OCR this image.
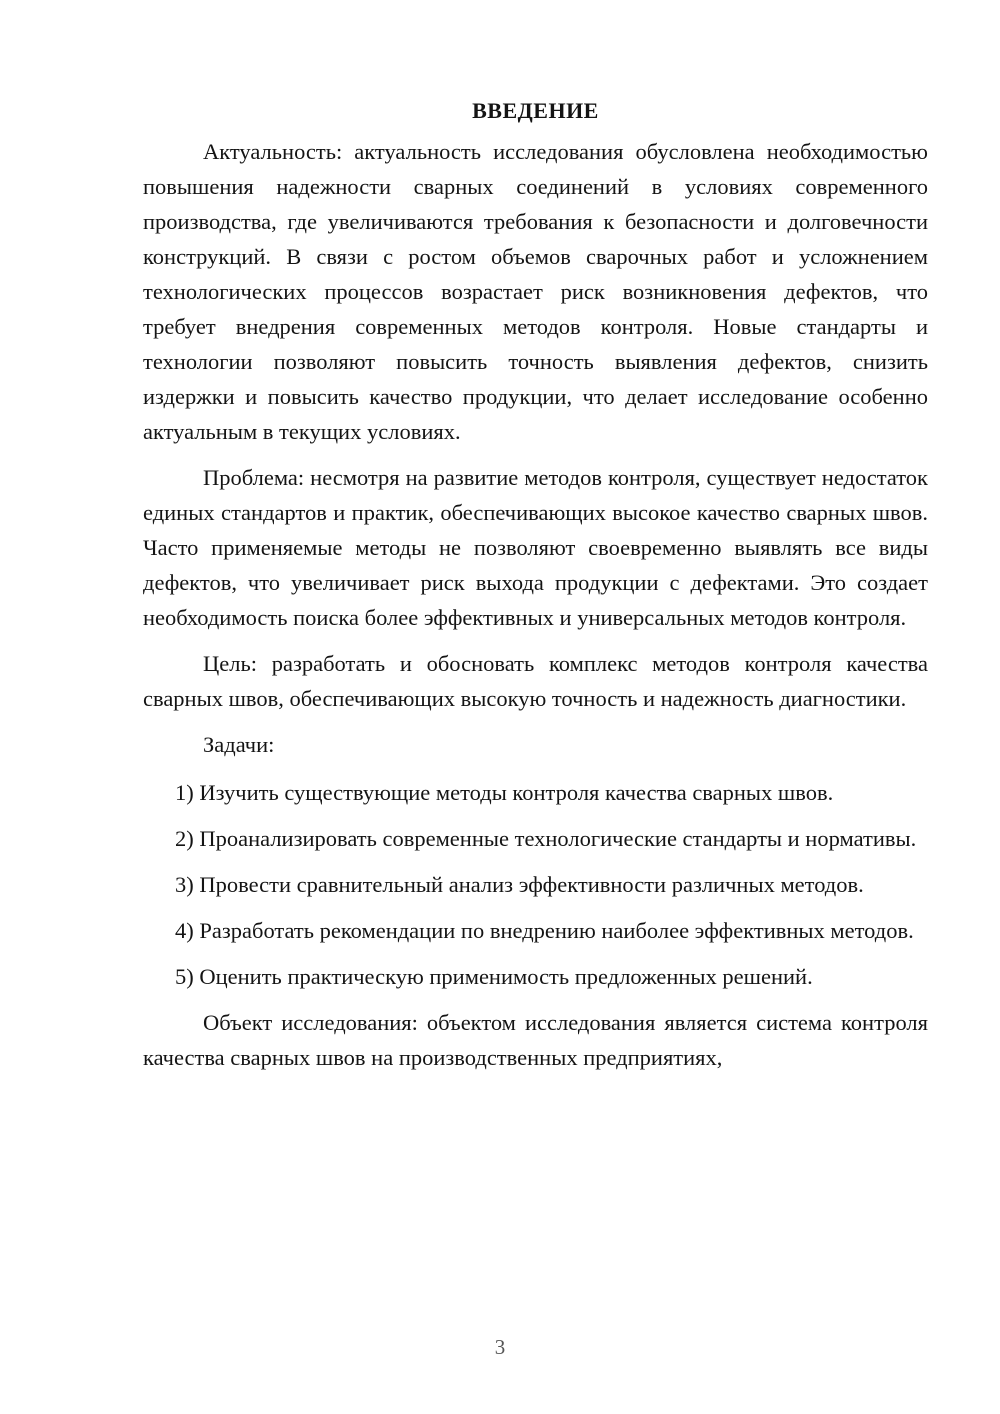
ВВЕДЕНИЕ

Актуальность: актуальность исследования обусловлена необходимостью повышения надежности сварных соединений в условиях современного производства, где увеличиваются требования к безопасности и долговечности конструкций. В связи с ростом объемов сварочных работ и усложнением технологических процессов возрастает риск возникновения дефектов, что требует внедрения современных методов контроля. Новые стандарты и технологии позволяют повысить точность выявления дефектов, снизить издержки и повысить качество продукции, что делает исследование особенно актуальным в текущих условиях.

Проблема: несмотря на развитие методов контроля, существует недостаток единых стандартов и практик, обеспечивающих высокое качество сварных швов. Часто применяемые методы не позволяют своевременно выявлять все виды дефектов, что увеличивает риск выхода продукции с дефектами. Это создает необходимость поиска более эффективных и универсальных методов контроля.

Цель: разработать и обосновать комплекс методов контроля качества сварных швов, обеспечивающих высокую точность и надежность диагностики.

Задачи:

1) Изучить существующие методы контроля качества сварных швов.

2) Проанализировать современные технологические стандарты и нормативы.

3) Провести сравнительный анализ эффективности различных методов.

4) Разработать рекомендации по внедрению наиболее эффективных методов.

5) Оценить практическую применимость предложенных решений.

Объект исследования: объектом исследования является система контроля качества сварных швов на производственных предприятиях,

3
